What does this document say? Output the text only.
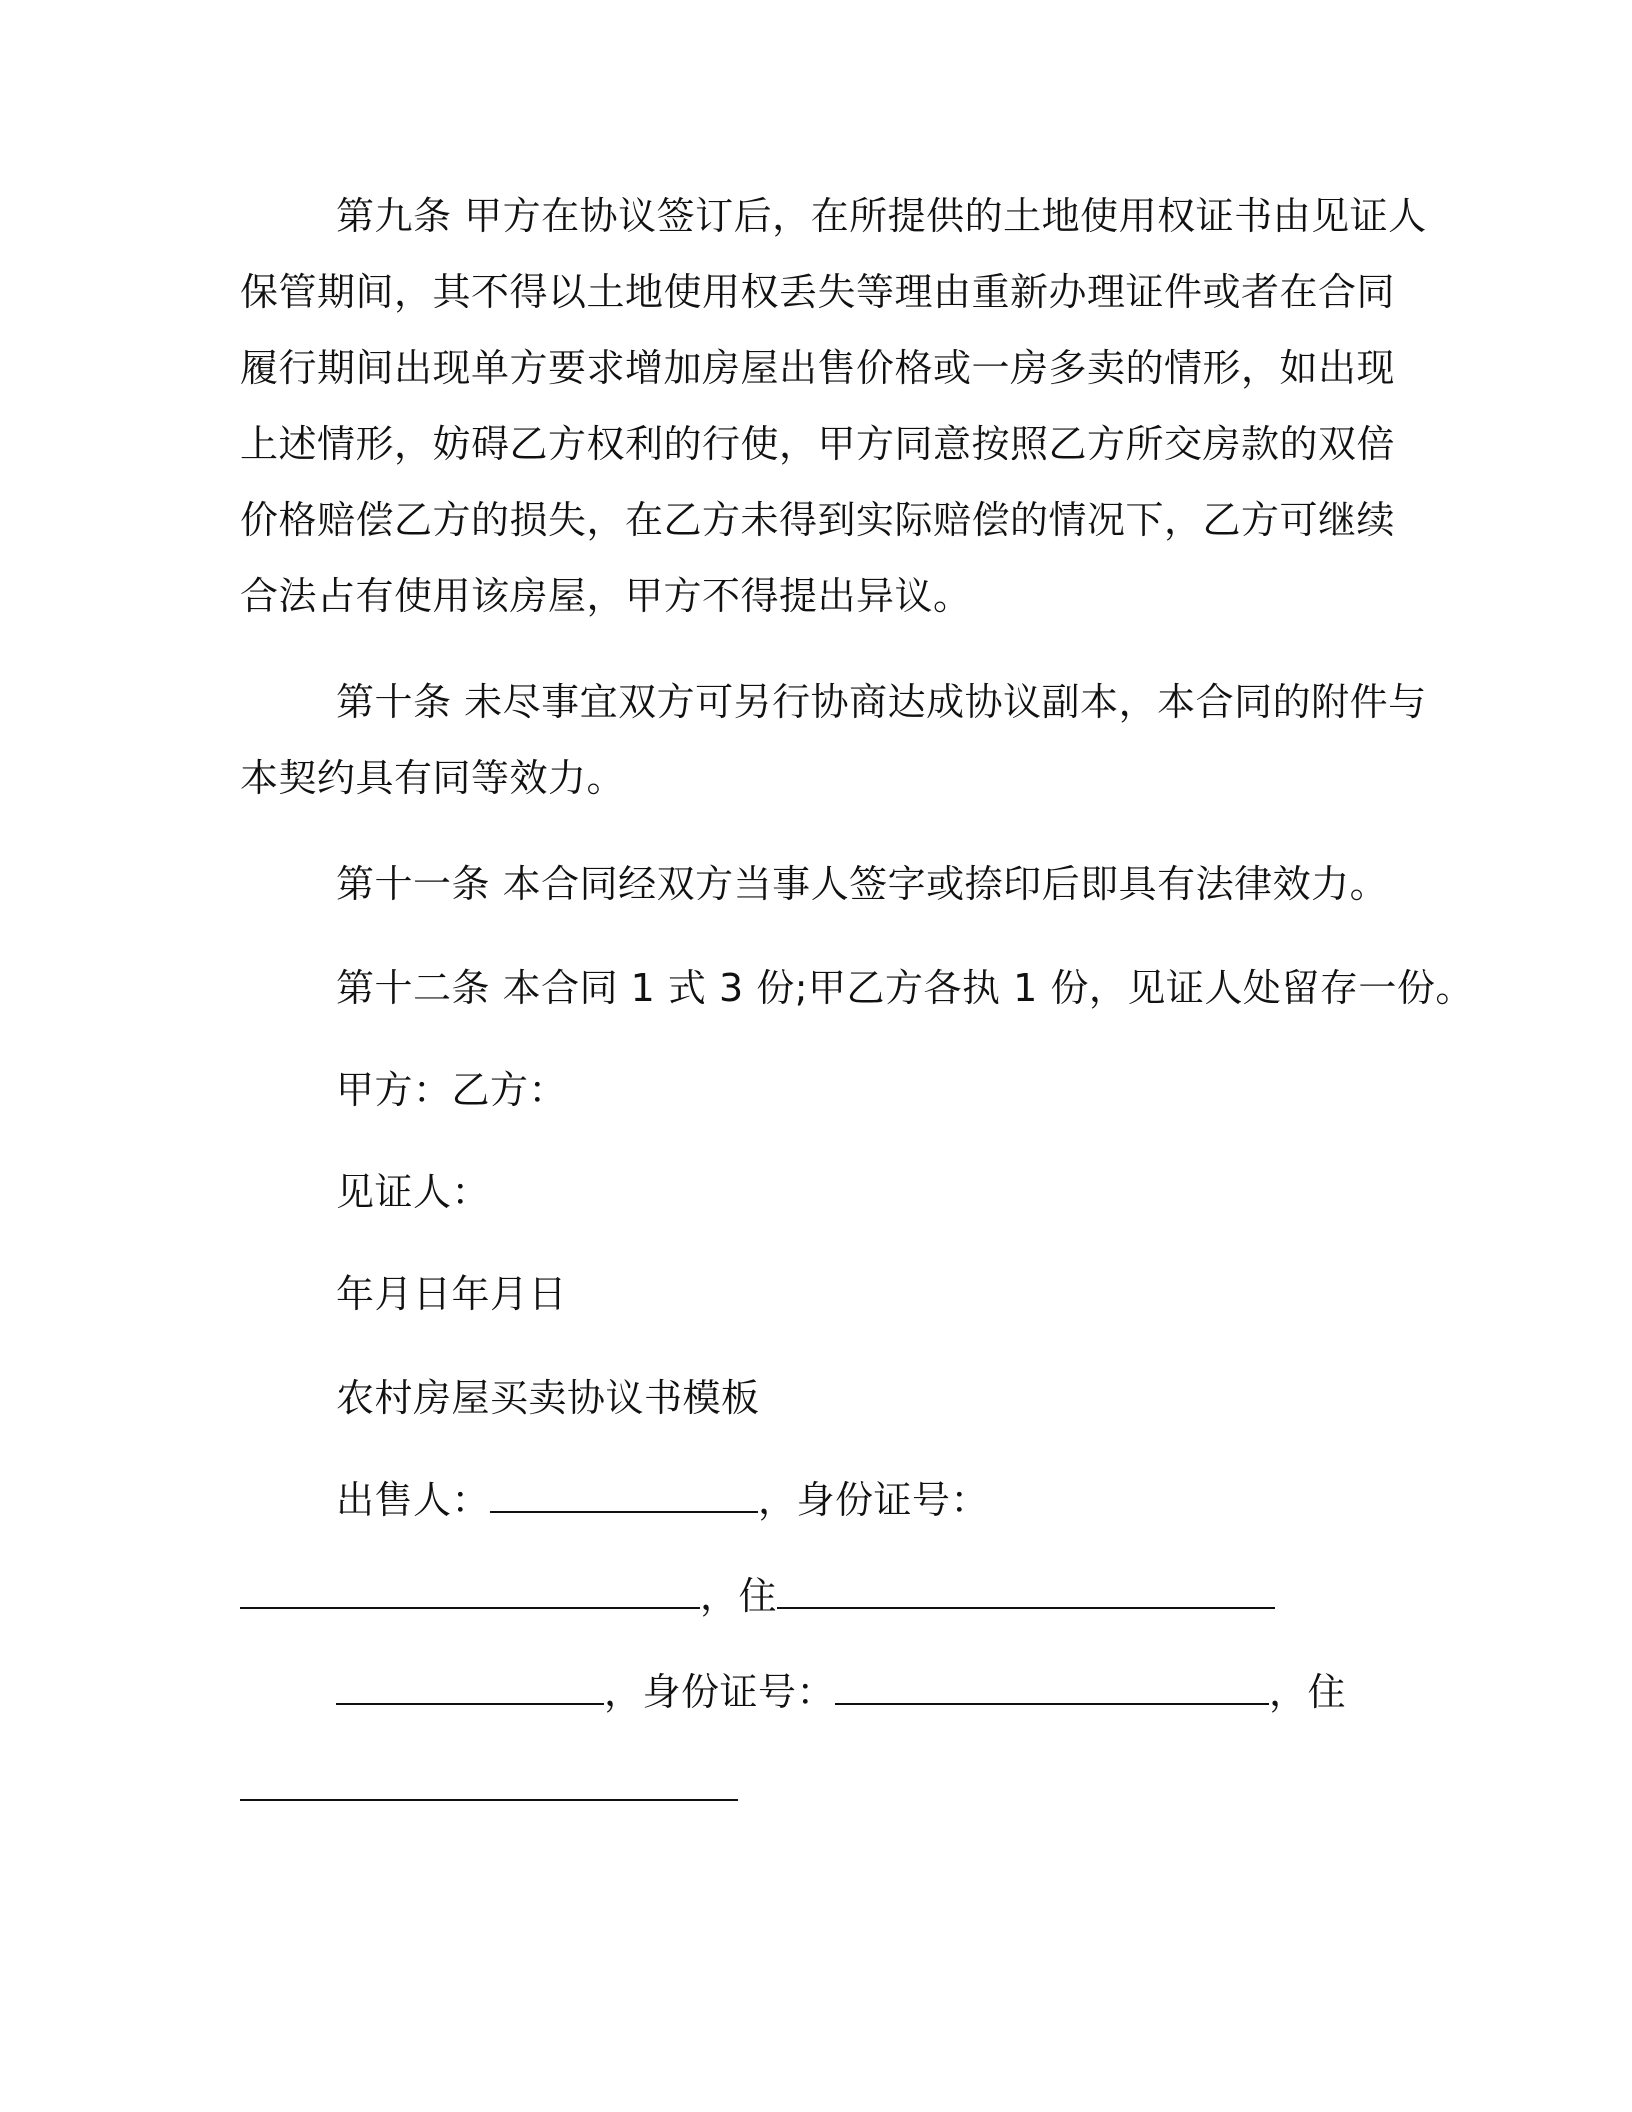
第九条 甲方在协议签订后，在所提供的土地使用权证书由见证人
保管期间，其不得以土地使用权丢失等理由重新办理证件或者在合同
履行期间出现单方要求增加房屋出售价格或一房多卖的情形，如出现
上述情形，妨碍乙方权利的行使，甲方同意按照乙方所交房款的双倍
价格赔偿乙方的损失，在乙方未得到实际赔偿的情况下，乙方可继续
合法占有使用该房屋，甲方不得提出异议。
第十条 未尽事宜双方可另行协商达成协议副本，本合同的附件与
本契约具有同等效力。
第十一条 本合同经双方当事人签字或捺印后即具有法律效力。
第十二条 本合同 1 式 3 份;甲乙方各执 1 份，见证人处留存一份。
甲方：乙方：
见证人：
年月日年月日
农村房屋买卖协议书模板
出售人：	，身份证号：
，住
，身份证号：	，住
